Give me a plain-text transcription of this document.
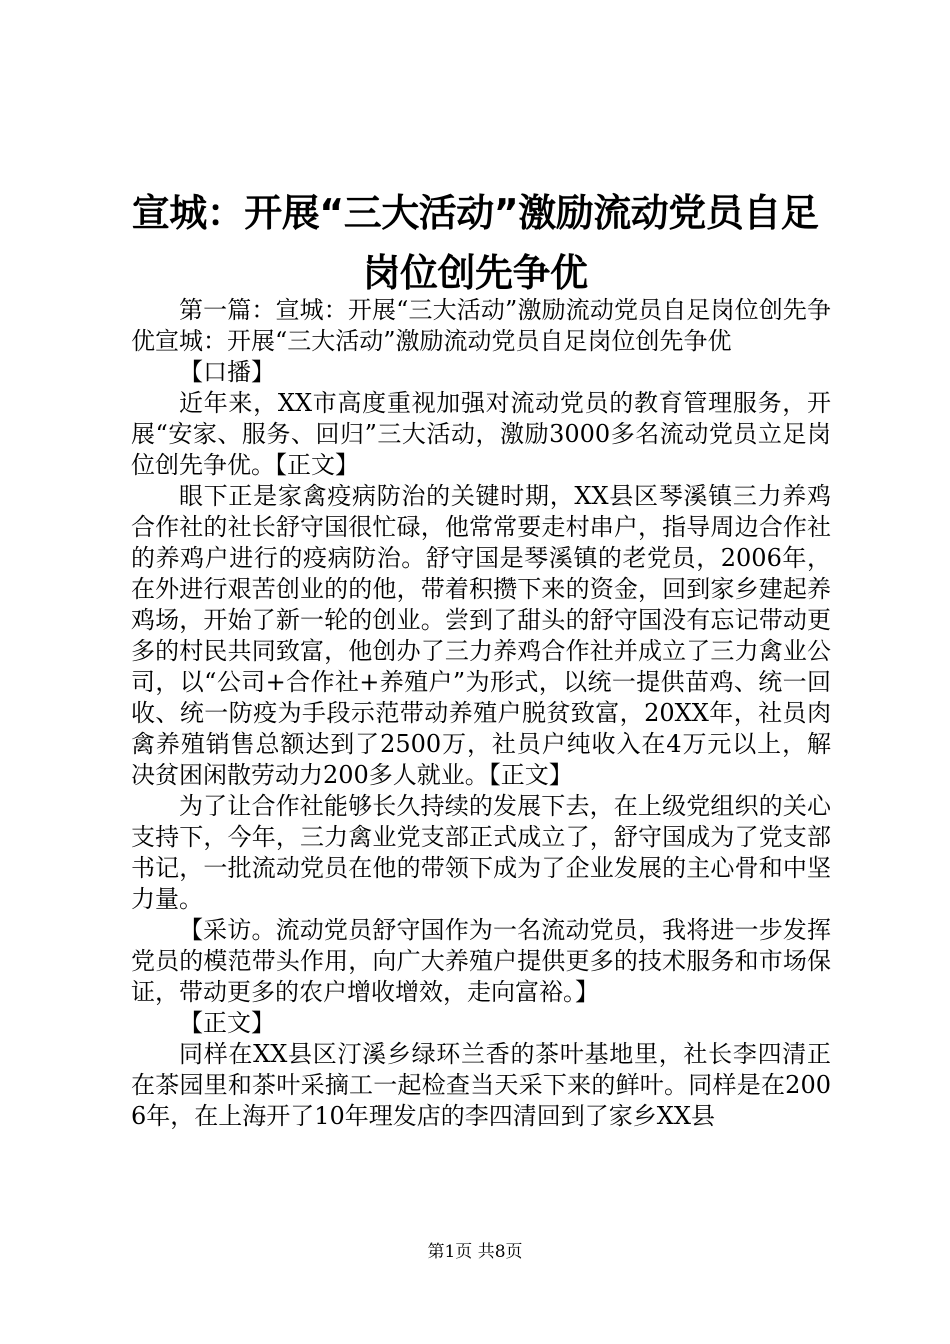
宣城：开展“三大活动”激励流动党员自足岗位创先争优

第一篇：宣城：开展“三大活动”激励流动党员自足岗位创先争优宣城：开展“三大活动”激励流动党员自足岗位创先争优

【口播】

近年来，XX市高度重视加强对流动党员的教育管理服务，开展“安家、服务、回归”三大活动，激励3000多名流动党员立足岗位创先争优。【正文】

眼下正是家禽疫病防治的关键时期，XX县区琴溪镇三力养鸡合作社的社长舒守国很忙碌，他常常要走村串户，指导周边合作社的养鸡户进行的疫病防治。舒守国是琴溪镇的老党员，2006年，在外进行艰苦创业的的他，带着积攒下来的资金，回到家乡建起养鸡场，开始了新一轮的创业。尝到了甜头的舒守国没有忘记带动更多的村民共同致富，他创办了三力养鸡合作社并成立了三力禽业公司，以“公司+合作社+养殖户”为形式，以统一提供苗鸡、统一回收、统一防疫为手段示范带动养殖户脱贫致富，20XX年，社员肉禽养殖销售总额达到了2500万，社员户纯收入在4万元以上，解决贫困闲散劳动力200多人就业。【正文】

为了让合作社能够长久持续的发展下去，在上级党组织的关心支持下，今年，三力禽业党支部正式成立了，舒守国成为了党支部书记，一批流动党员在他的带领下成为了企业发展的主心骨和中坚力量。

【采访。流动党员舒守国作为一名流动党员，我将进一步发挥党员的模范带头作用，向广大养殖户提供更多的技术服务和市场保证，带动更多的农户增收增效，走向富裕。】

【正文】

同样在XX县区汀溪乡绿环兰香的茶叶基地里，社长李四清正在茶园里和茶叶采摘工一起检查当天采下来的鲜叶。同样是在2006年，在上海开了10年理发店的李四清回到了家乡XX县

第1页 共8页
